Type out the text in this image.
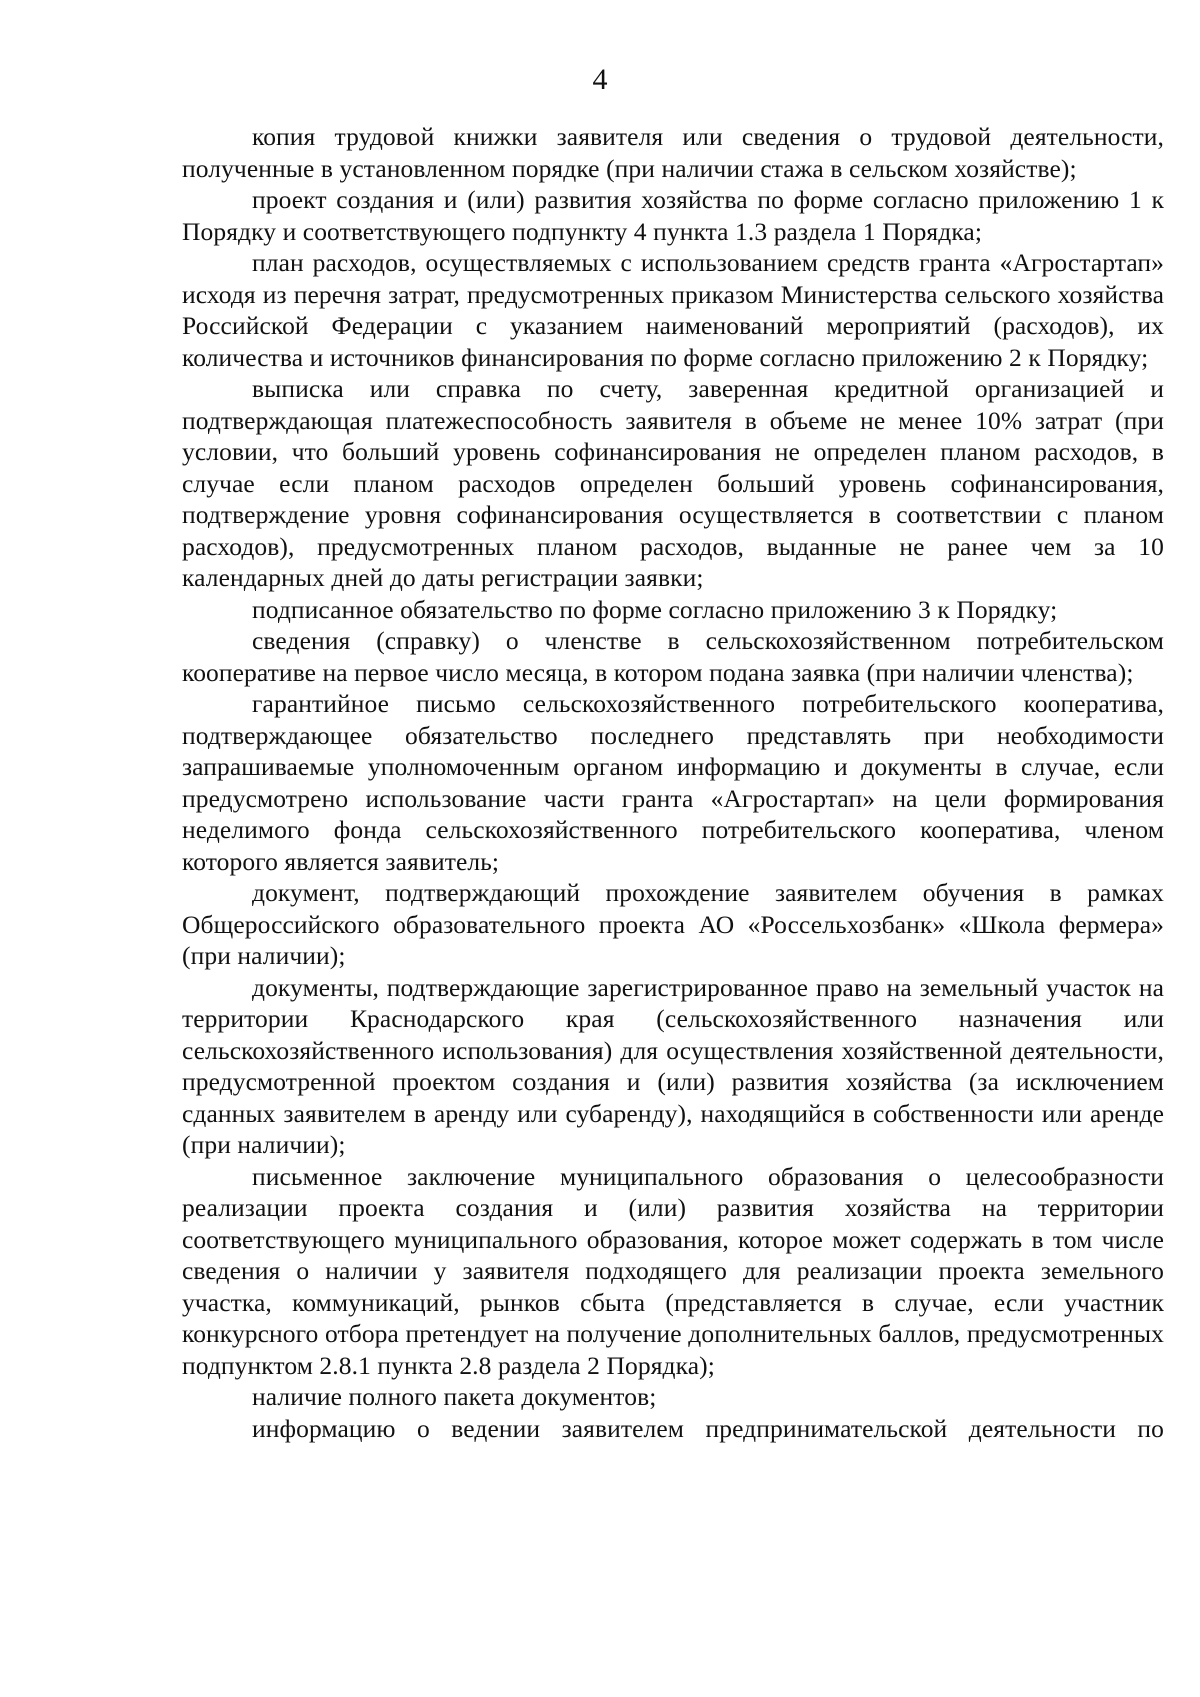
4

копия трудовой книжки заявителя или сведения о трудовой деятельности, полученные в установленном порядке (при наличии стажа в сельском хозяйстве);

проект создания и (или) развития хозяйства по форме согласно приложению 1 к Порядку и соответствующего подпункту 4 пункта 1.3 раздела 1 Порядка;

план расходов, осуществляемых с использованием средств гранта «Агростартап» исходя из перечня затрат, предусмотренных приказом Министерства сельского хозяйства Российской Федерации с указанием наименований мероприятий (расходов), их количества и источников финансирования по форме согласно приложению 2 к Порядку;

выписка или справка по счету, заверенная кредитной организацией и подтверждающая платежеспособность заявителя в объеме не менее 10% затрат (при условии, что больший уровень софинансирования не определен планом расходов, в случае если планом расходов определен больший уровень софинансирования, подтверждение уровня софинансирования осуществляется в соответствии с планом расходов), предусмотренных планом расходов, выданные не ранее чем за 10 календарных дней до даты регистрации заявки;

подписанное обязательство по форме согласно приложению 3 к Порядку;

сведения (справку) о членстве в сельскохозяйственном потребительском кооперативе на первое число месяца, в котором подана заявка (при наличии членства);

гарантийное письмо сельскохозяйственного потребительского кооператива, подтверждающее обязательство последнего представлять при необходимости запрашиваемые уполномоченным органом информацию и документы в случае, если предусмотрено использование части гранта «Агростартап» на цели формирования неделимого фонда сельскохозяйственного потребительского кооператива, членом которого является заявитель;

документ, подтверждающий прохождение заявителем обучения в рамках Общероссийского образовательного проекта АО «Россельхозбанк» «Школа фермера» (при наличии);

документы, подтверждающие зарегистрированное право на земельный участок на территории Краснодарского края (сельскохозяйственного назначения или сельскохозяйственного использования) для осуществления хозяйственной деятельности, предусмотренной проектом создания и (или) развития хозяйства (за исключением сданных заявителем в аренду или субаренду), находящийся в собственности или аренде (при наличии);

письменное заключение муниципального образования о целесообразности реализации проекта создания и (или) развития хозяйства на территории соответствующего муниципального образования, которое может содержать в том числе сведения о наличии у заявителя подходящего для реализации проекта земельного участка, коммуникаций, рынков сбыта (представляется в случае, если участник конкурсного отбора претендует на получение дополнительных баллов, предусмотренных подпунктом 2.8.1 пункта 2.8 раздела 2 Порядка);

наличие полного пакета документов;

информацию о ведении заявителем предпринимательской деятельности по
